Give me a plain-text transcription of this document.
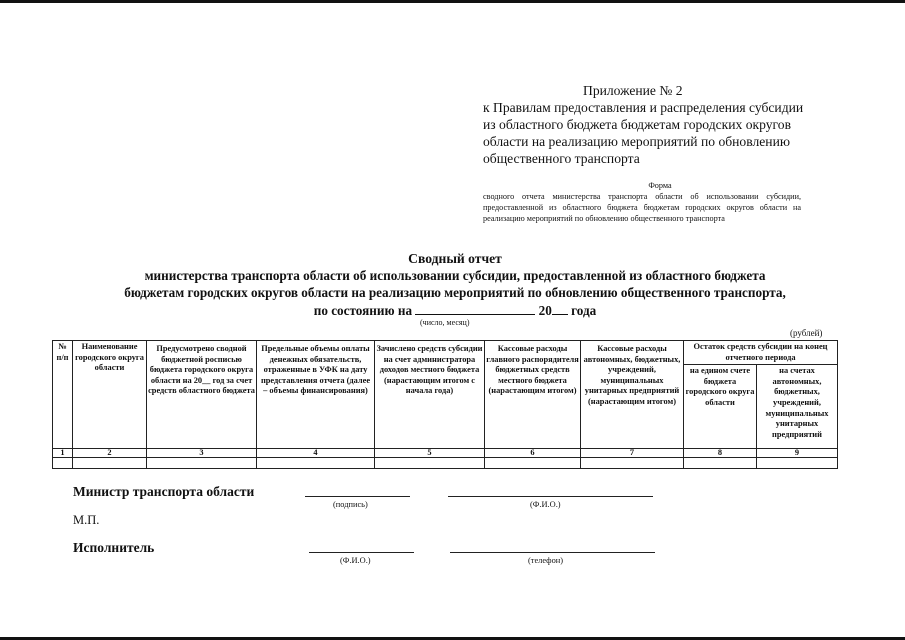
Приложение № 2
к Правилам предоставления и распределения субсидии
из областного бюджета бюджетам городских округов
области на реализацию мероприятий по обновлению
общественного транспорта
Форма
сводного отчета министерства транспорта области об использовании субсидии, предоставленной из областного бюджета бюджетам городских округов области на реализацию мероприятий по обновлению общественного транспорта
Сводный отчет
министерства транспорта области об использовании субсидии, предоставленной из областного бюджета
бюджетам городских округов области на реализацию мероприятий по обновлению общественного транспорта,
по состоянию на	20 года
(число, месяц)
(рублей)
№ п/п	Наименование городского округа области	Предусмотрено сводной бюджетной росписью бюджета городского округа области на 20__ год за счет средств областного бюджета	Предельные объемы оплаты денежных обязательств, отраженные в УФК на дату представления отчета (далее – объемы финансирования)	Зачислено средств субсидии на счет администратора доходов местного бюджета (нарастающим итогом с начала года)	Кассовые расходы главного распорядителя бюджетных средств местного бюджета (нарастающим итогом)	Кассовые расходы автономных, бюджетных, учреждений, муниципальных унитарных предприятий (нарастающим итогом)	Остаток средств субсидии на конец отчетного периода	
							на едином счете бюджета городского округа области	на счетах автономных, бюджетных, учреждений, муниципальных унитарных предприятий
1	2	3	4	5	6	7	8	9

Министр транспорта области
(подпись)	(Ф.И.О.)
М.П.
Исполнитель
(Ф.И.О.)	(телефон)
